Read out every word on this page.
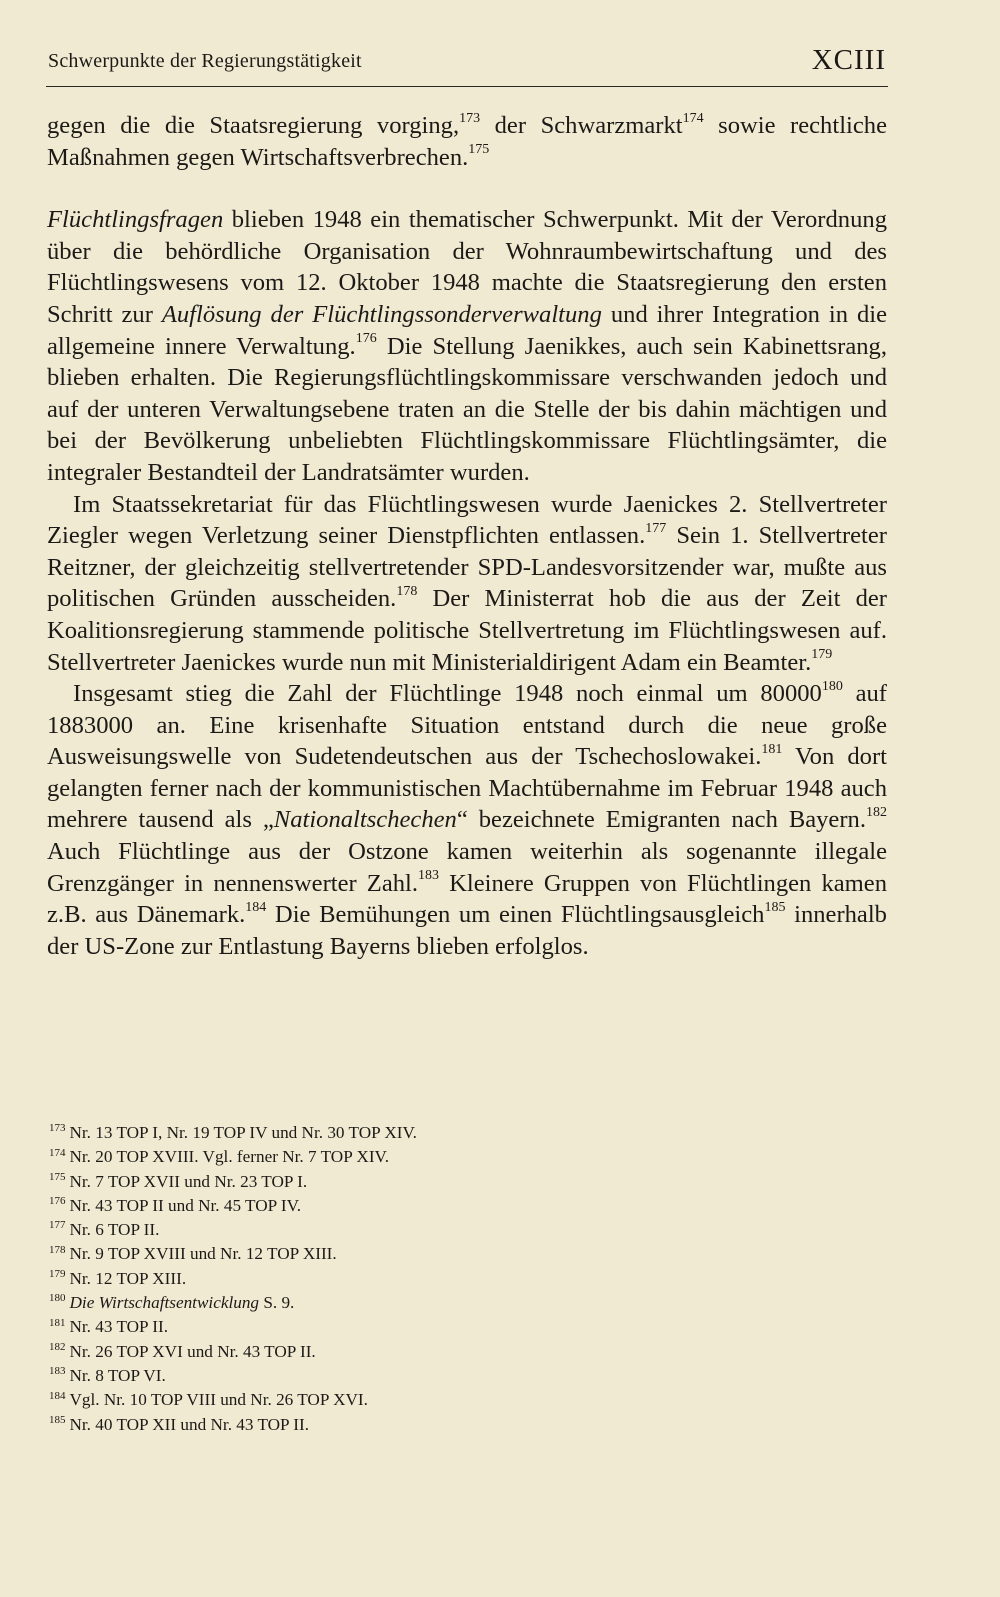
Schwerpunkte der Regierungstätigkeit	XCIII

gegen die die Staatsregierung vorging,$^{173}$ der Schwarzmarkt$^{174}$ sowie rechtliche Maßnahmen gegen Wirtschaftsverbrechen.$^{175}$

Flüchtlingsfragen blieben 1948 ein thematischer Schwerpunkt. Mit der Verordnung über die behördliche Organisation der Wohnraumbewirtschaftung und des Flüchtlingswesens vom 12. Oktober 1948 machte die Staatsregierung den ersten Schritt zur Auflösung der Flüchtlingssonderverwaltung und ihrer Integration in die allgemeine innere Verwaltung.$^{176}$ Die Stellung Jaenikkes, auch sein Kabinettsrang, blieben erhalten. Die Regierungsflüchtlingskommissare verschwanden jedoch und auf der unteren Verwaltungsebene traten an die Stelle der bis dahin mächtigen und bei der Bevölkerung unbeliebten Flüchtlingskommissare Flüchtlingsämter, die integraler Bestandteil der Landratsämter wurden.

Im Staatssekretariat für das Flüchtlingswesen wurde Jaenickes 2. Stellvertreter Ziegler wegen Verletzung seiner Dienstpflichten entlassen.$^{177}$ Sein 1. Stellvertreter Reitzner, der gleichzeitig stellvertretender SPD-Landesvorsitzender war, mußte aus politischen Gründen ausscheiden.$^{178}$ Der Ministerrat hob die aus der Zeit der Koalitionsregierung stammende politische Stellvertretung im Flüchtlingswesen auf. Stellvertreter Jaenickes wurde nun mit Ministerialdirigent Adam ein Beamter.$^{179}$

Insgesamt stieg die Zahl der Flüchtlinge 1948 noch einmal um 80000$^{180}$ auf 1883000 an. Eine krisenhafte Situation entstand durch die neue große Ausweisungswelle von Sudetendeutschen aus der Tschechoslowakei.$^{181}$ Von dort gelangten ferner nach der kommunistischen Machtübernahme im Februar 1948 auch mehrere tausend als „Nationaltschechen“ bezeichnete Emigranten nach Bayern.$^{182}$ Auch Flüchtlinge aus der Ostzone kamen weiterhin als sogenannte illegale Grenzgänger in nennenswerter Zahl.$^{183}$ Kleinere Gruppen von Flüchtlingen kamen z.B. aus Dänemark.$^{184}$ Die Bemühungen um einen Flüchtlingsausgleich$^{185}$ innerhalb der US-Zone zur Entlastung Bayerns blieben erfolglos.

$^{173}$ Nr. 13 TOP I, Nr. 19 TOP IV und Nr. 30 TOP XIV.
$^{174}$ Nr. 20 TOP XVIII. Vgl. ferner Nr. 7 TOP XIV.
$^{175}$ Nr. 7 TOP XVII und Nr. 23 TOP I.
$^{176}$ Nr. 43 TOP II und Nr. 45 TOP IV.
$^{177}$ Nr. 6 TOP II.
$^{178}$ Nr. 9 TOP XVIII und Nr. 12 TOP XIII.
$^{179}$ Nr. 12 TOP XIII.
$^{180}$ Die Wirtschaftsentwicklung S. 9.
$^{181}$ Nr. 43 TOP II.
$^{182}$ Nr. 26 TOP XVI und Nr. 43 TOP II.
$^{183}$ Nr. 8 TOP VI.
$^{184}$ Vgl. Nr. 10 TOP VIII und Nr. 26 TOP XVI.
$^{185}$ Nr. 40 TOP XII und Nr. 43 TOP II.
